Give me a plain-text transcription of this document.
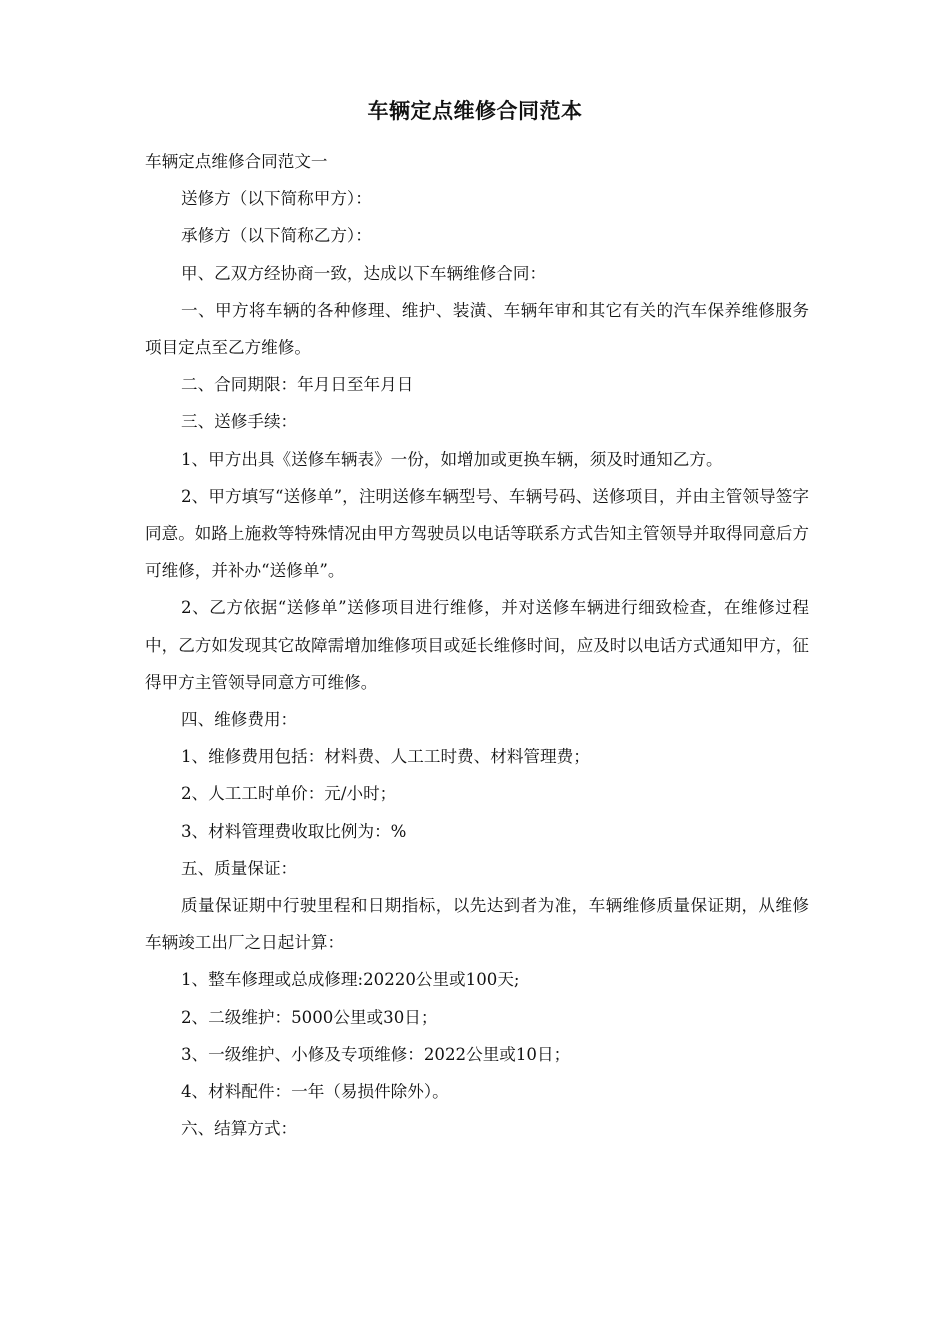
车辆定点维修合同范本

车辆定点维修合同范文一

送修方（以下简称甲方）：

承修方（以下简称乙方）：

甲、乙双方经协商一致，达成以下车辆维修合同：

一、甲方将车辆的各种修理、维护、装潢、车辆年审和其它有关的汽车保养维修服务项目定点至乙方维修。

二、合同期限：年月日至年月日

三、送修手续：

1、甲方出具《送修车辆表》一份，如增加或更换车辆，须及时通知乙方。

2、甲方填写“送修单”，注明送修车辆型号、车辆号码、送修项目，并由主管领导签字同意。如路上施救等特殊情况由甲方驾驶员以电话等联系方式告知主管领导并取得同意后方可维修，并补办“送修单”。

2、乙方依据“送修单”送修项目进行维修，并对送修车辆进行细致检查，在维修过程中，乙方如发现其它故障需增加维修项目或延长维修时间，应及时以电话方式通知甲方，征得甲方主管领导同意方可维修。

四、维修费用：

1、维修费用包括：材料费、人工工时费、材料管理费；

2、人工工时单价：元/小时；

3、材料管理费收取比例为：%

五、质量保证：

质量保证期中行驶里程和日期指标，以先达到者为准，车辆维修质量保证期，从维修车辆竣工出厂之日起计算：

1、整车修理或总成修理:20220公里或100天;

2、二级维护：5000公里或30日；

3、一级维护、小修及专项维修：2022公里或10日；

4、材料配件：一年（易损件除外）。

六、结算方式：
